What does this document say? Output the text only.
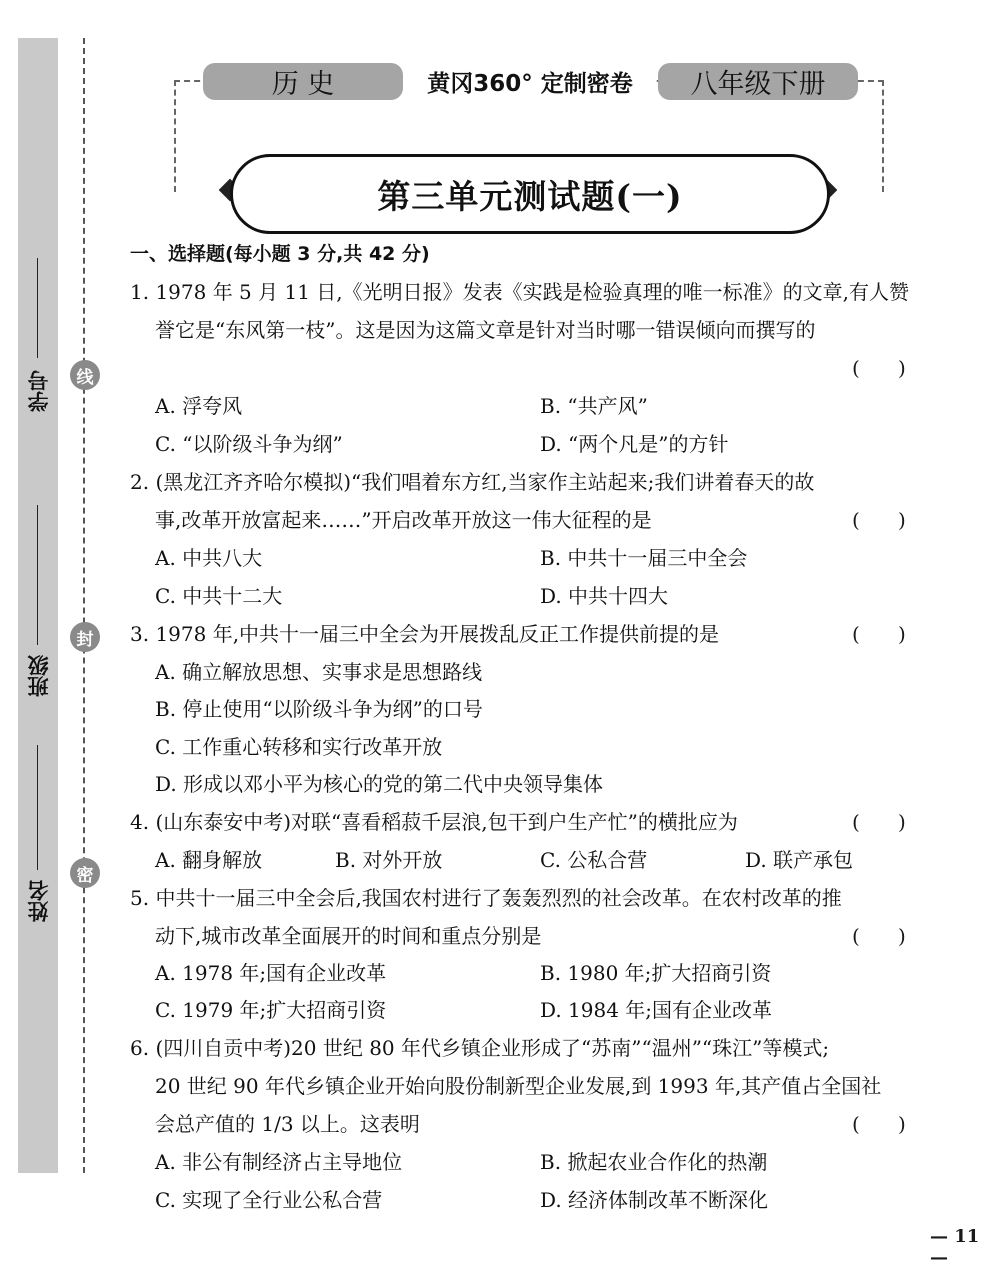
学号
班级
姓名
线
封
密
历 史	黄冈360° 定制密卷	八年级下册
第三单元测试题(一)
一、选择题(每小题 3 分,共 42 分)
1. 1978 年 5 月 11 日,《光明日报》发表《实践是检验真理的唯一标准》的文章,有人赞
誉它是“东风第一枝”。这是因为这篇文章是针对当时哪一错误倾向而撰写的
(      )
A. 浮夸风	B. “共产风”
C. “以阶级斗争为纲”	D. “两个凡是”的方针
2. (黑龙江齐齐哈尔模拟)“我们唱着东方红,当家作主站起来;我们讲着春天的故
事,改革开放富起来……”开启改革开放这一伟大征程的是	(      )
A. 中共八大	B. 中共十一届三中全会
C. 中共十二大	D. 中共十四大
3. 1978 年,中共十一届三中全会为开展拨乱反正工作提供前提的是	(      )
A. 确立解放思想、实事求是思想路线
B. 停止使用“以阶级斗争为纲”的口号
C. 工作重心转移和实行改革开放
D. 形成以邓小平为核心的党的第二代中央领导集体
4. (山东泰安中考)对联“喜看稻菽千层浪,包干到户生产忙”的横批应为	(      )
A. 翻身解放	B. 对外开放	C. 公私合营	D. 联产承包
5. 中共十一届三中全会后,我国农村进行了轰轰烈烈的社会改革。在农村改革的推
动下,城市改革全面展开的时间和重点分别是	(      )
A. 1978 年;国有企业改革	B. 1980 年;扩大招商引资
C. 1979 年;扩大招商引资	D. 1984 年;国有企业改革
6. (四川自贡中考)20 世纪 80 年代乡镇企业形成了“苏南”“温州”“珠江”等模式;
20 世纪 90 年代乡镇企业开始向股份制新型企业发展,到 1993 年,其产值占全国社
会总产值的 1/3 以上。这表明	(      )
A. 非公有制经济占主导地位	B. 掀起农业合作化的热潮
C. 实现了全行业公私合营	D. 经济体制改革不断深化
— 11 —
